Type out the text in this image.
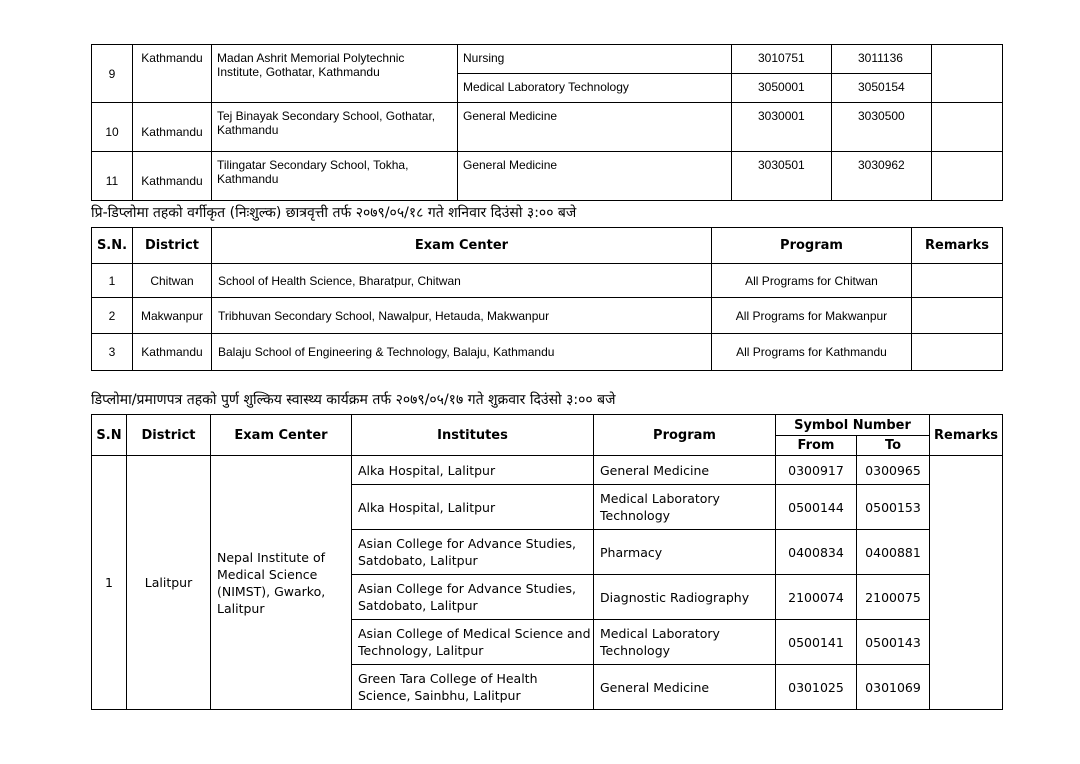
9	Kathmandu	Madan Ashrit Memorial Polytechnic Institute, Gothatar, Kathmandu	Nursing	3010751	3011136	
			Medical Laboratory Technology	3050001	3050154	
10	Kathmandu	Tej Binayak Secondary School, Gothatar, Kathmandu	General Medicine	3030001	3030500	
11	Kathmandu	Tilingatar Secondary School, Tokha, Kathmandu	General Medicine	3030501	3030962	
प्रि-डिप्लोमा तहको वर्गीकृत (निःशुल्क) छात्रवृत्ती तर्फ २०७९/०५/१८ गते शनिवार दिउंसो ३:०० बजे
S.N.	District	Exam Center	Program	Remarks
1	Chitwan	School of Health Science, Bharatpur, Chitwan	All Programs for Chitwan	
2	Makwanpur	Tribhuvan Secondary School, Nawalpur, Hetauda, Makwanpur	All Programs for Makwanpur	
3	Kathmandu	Balaju School of Engineering & Technology, Balaju, Kathmandu	All Programs for Kathmandu	
डिप्लोमा/प्रमाणपत्र तहको पुर्ण शुल्किय स्वास्थ्य कार्यक्रम तर्फ २०७९/०५/१७ गते शुक्रवार दिउंसो ३:०० बजे
S.N	District	Exam Center	Institutes	Program	Symbol Number		Remarks
					From	To	
1	Lalitpur	Nepal Institute of Medical Science (NIMST), Gwarko, Lalitpur	Alka Hospital, Lalitpur	General Medicine	0300917	0300965	
			Alka Hospital, Lalitpur	Medical Laboratory Technology	0500144	0500153	
			Asian College for Advance Studies, Satdobato, Lalitpur	Pharmacy	0400834	0400881	
			Asian College for Advance Studies, Satdobato, Lalitpur	Diagnostic Radiography	2100074	2100075	
			Asian College of Medical Science and Technology, Lalitpur	Medical Laboratory Technology	0500141	0500143	
			Green Tara College of Health Science, Sainbhu, Lalitpur	General Medicine	0301025	0301069	
